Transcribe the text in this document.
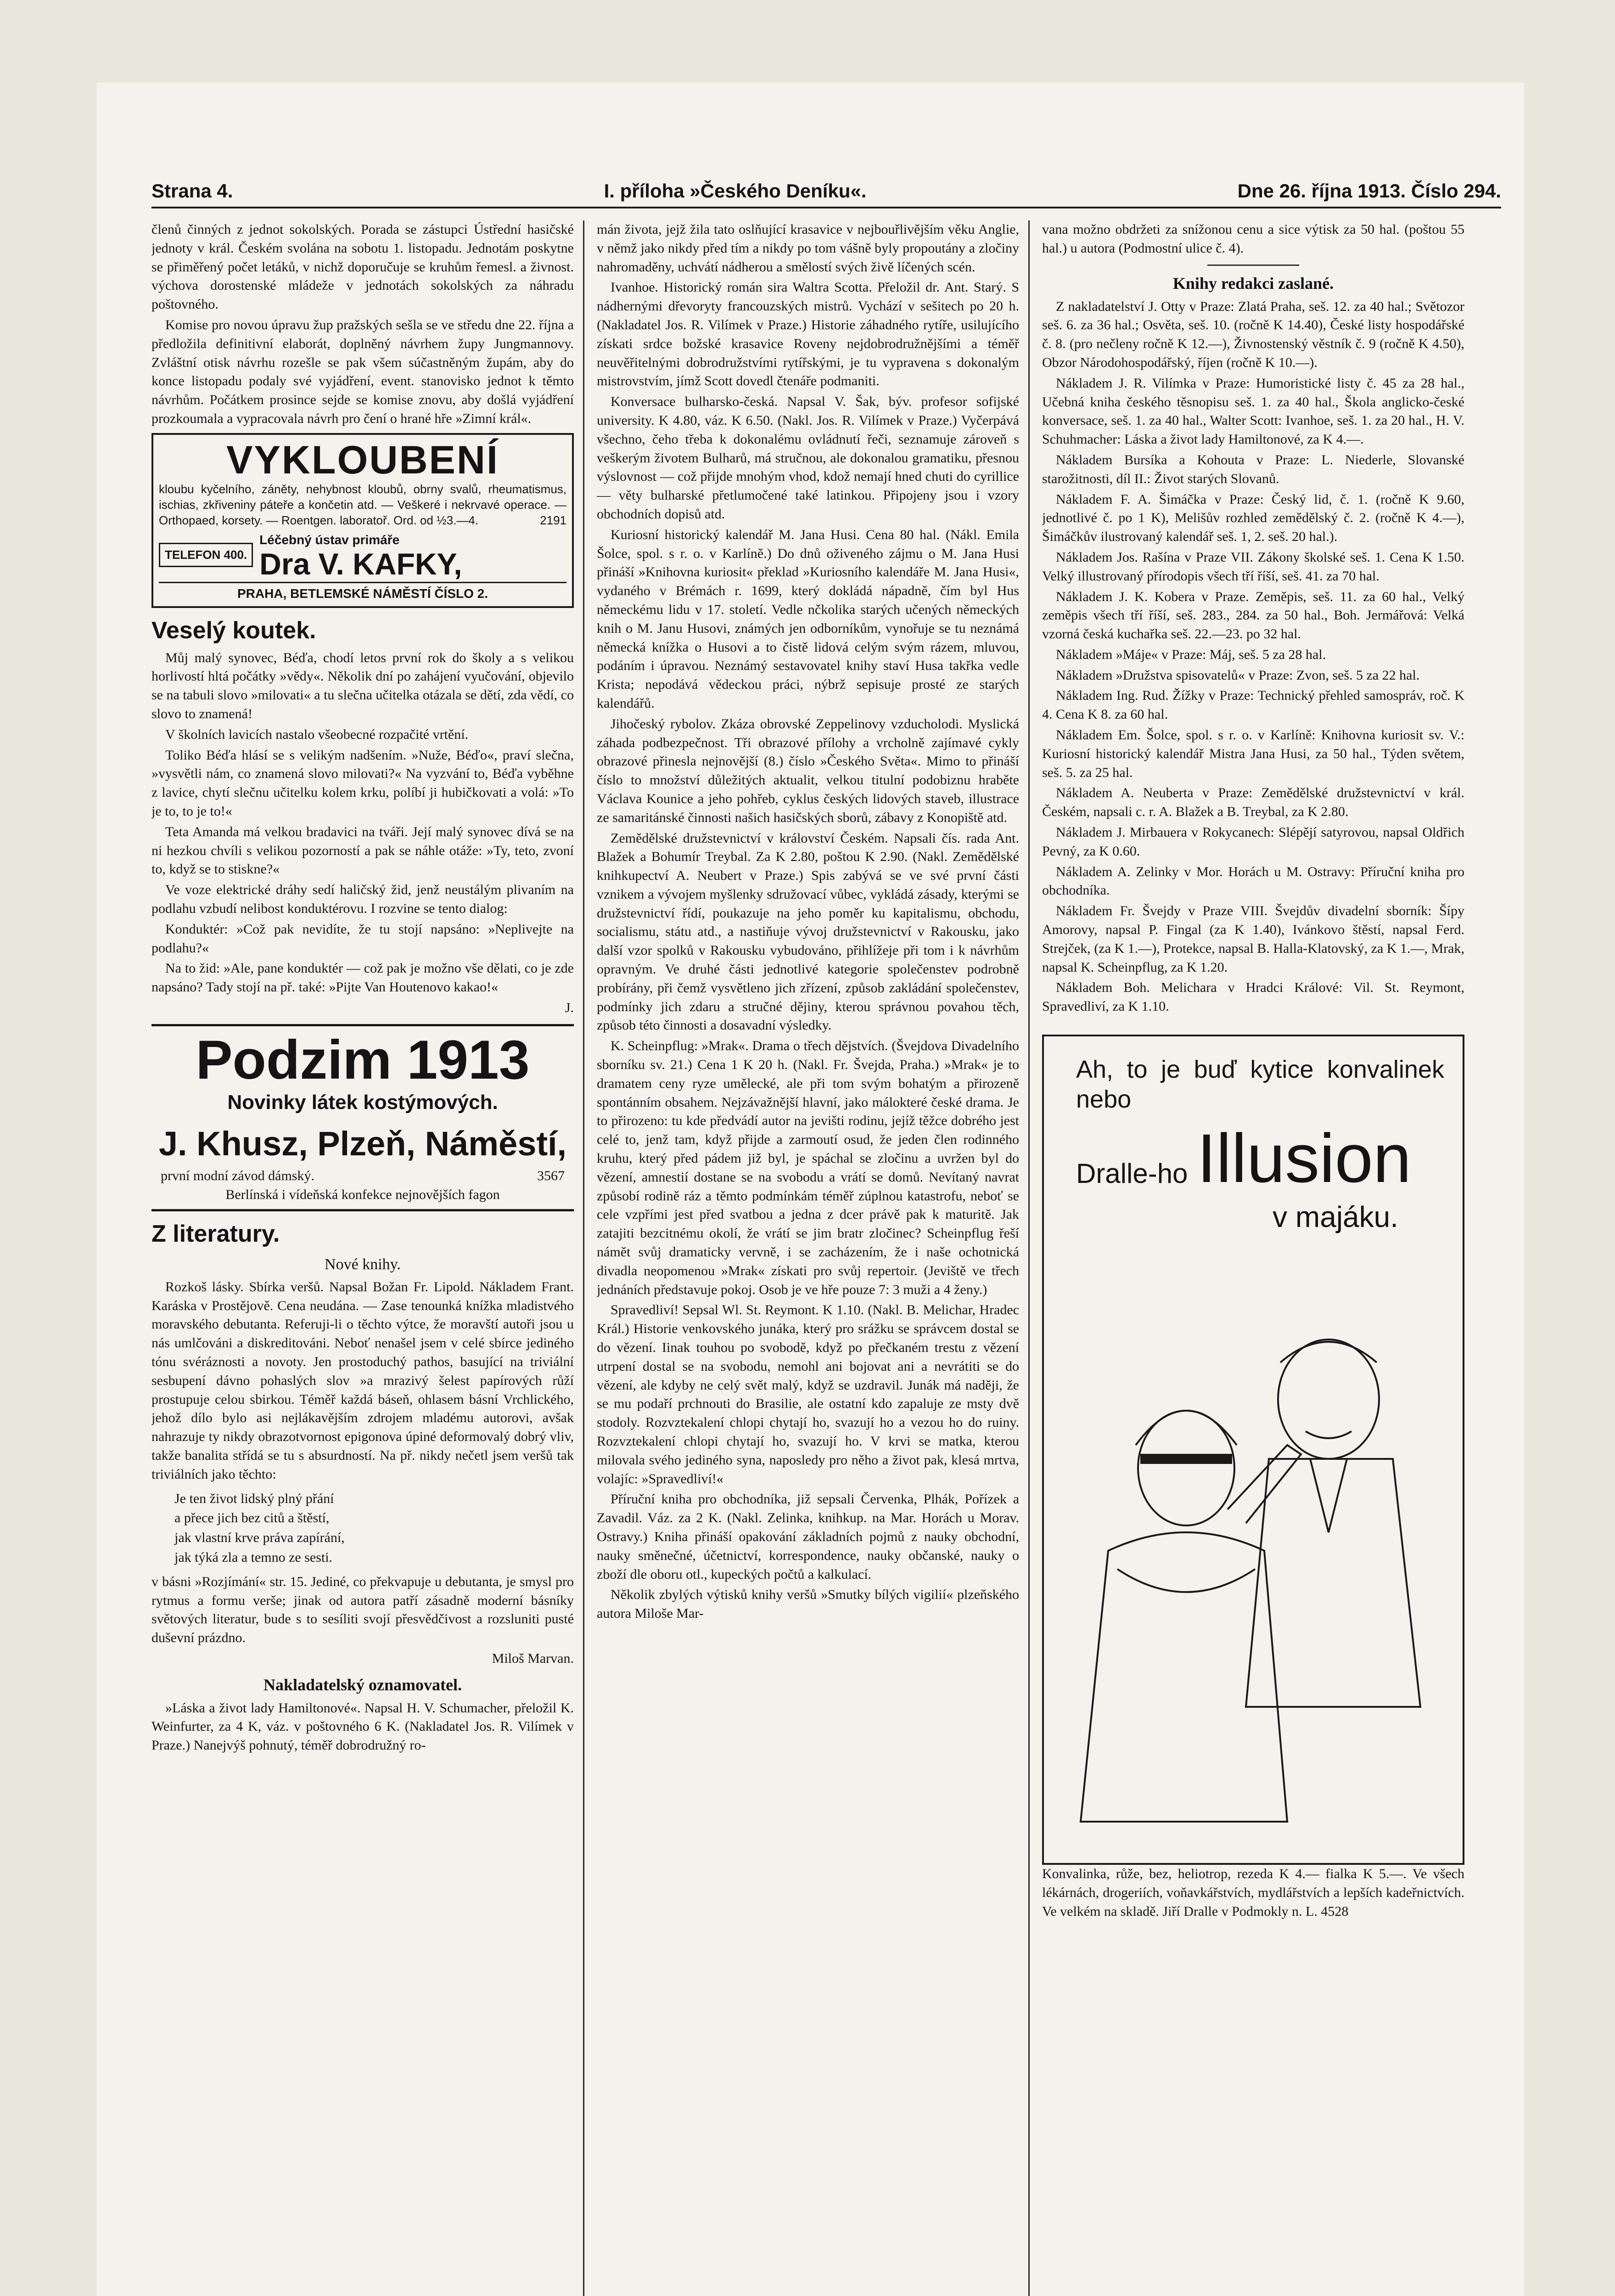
Strana 4.	I. příloha »Českého Deníku«.	Dne 26. října 1913. Číslo 294.

členů činných z jednot sokolských. Porada se zástupci Ústřední hasičské jednoty v král. Českém svolána na sobotu 1. listopadu. Jednotám poskytne se přiměřený počet letáků, v nichž doporučuje se kruhům řemesl. a živnost. výchova dorostenské mládeže v jednotách sokolských za náhradu poštovného.

Komise pro novou úpravu žup pražských sešla se ve středu dne 22. října a předložila definitivní elaborát, doplněný návrhem župy Jungmannovy. Zvláštní otisk návrhu rozešle se pak všem súčastněným župám, aby do konce listopadu podaly své vyjádření, event. stanovisko jednot k těmto návrhům. Počátkem prosince sejde se komise znovu, aby došlá vyjádření prozkoumala a vypracovala návrh pro čení o hrané hře »Zimní král«.

VYKLOUBENÍ
kloubu kyčelního, záněty, nehybnost kloubů, obrny svalů, rheumatismus, ischias, zkřiveniny páteře a končetin atd. — Veškeré i nekrvavé operace. — Orthopaed, korsety. — Roentgen. laboratoř. Ord. od ½3.—4.	2191
TELEFON 400.
Léčebný ústav primáře
Dra V. KAFKY,
PRAHA, BETLEMSKÉ NÁMĚSTÍ ČÍSLO 2.
Veselý koutek.

Můj malý synovec, Béďa, chodí letos první rok do školy a s velikou horlivostí hltá počátky »vědy«. Několik dní po zahájení vyučování, objevilo se na tabuli slovo »milovati« a tu slečna učitelka otázala se dětí, zda vědí, co slovo to znamená!

V školních lavicích nastalo všeobecné rozpačité vrtění.

Toliko Béďa hlásí se s velikým nadšením. »Nuže, Béďo«, praví slečna, »vysvětli nám, co znamená slovo milovati?« Na vyzvání to, Béďa vyběhne z lavice, chytí slečnu učitelku kolem krku, políbí ji hubičkovati a volá: »To je to, to je to!«

Teta Amanda má velkou bradavici na tváři. Její malý synovec dívá se na ni hezkou chvíli s velikou pozorností a pak se náhle otáže: »Ty, teto, zvoní to, když se to stiskne?«

Ve voze elektrické dráhy sedí haličský žid, jenž neustálým plivaním na podlahu vzbudí nelibost konduktérovu. I rozvine se tento dialog:

Konduktér: »Což pak nevidíte, že tu stojí napsáno: »Neplivejte na podlahu?«

Na to žid: »Ale, pane konduktér — což pak je možno vše dělati, co je zde napsáno? Tady stojí na př. také: »Pijte Van Houtenovo kakao!«

J.

Podzim 1913
Novinky látek kostýmových.
J. Khusz, Plzeň, Náměstí,
první modní závod dámský.	3567
Berlínská i vídeňská konfekce nejnovějších fagon
Z literatury.
Nové knihy.

Rozkoš lásky. Sbírka veršů. Napsal Božan Fr. Lipold. Nákladem Frant. Karáska v Prostějově. Cena neudána. — Zase tenounká knížka mladistvého moravského debutanta. Referuji-li o těchto výtce, že moravští autoři jsou u nás umlčováni a diskreditováni. Neboť nenašel jsem v celé sbírce jediného tónu svéráznosti a novoty. Jen prostoduchý pathos, basující na triviální sesbupení dávno pohaslých slov »a mrazivý šelest papírových růží prostupuje celou sbirkou. Téměř každá báseň, ohlasem básní Vrchlického, jehož dílo bylo asi nejlákavějším zdrojem mladému autorovi, avšak nahrazuje ty nikdy obrazotvornost epigonova úpiné deformovalý dobrý vliv, takže banalita střídá se tu s absurdností. Na př. nikdy nečetl jsem veršů tak triviálních jako těchto:

Je ten život lidský plný přání

a přece jich bez citů a štěstí,

jak vlastní krve práva zapírání,

jak týká zla a temno ze sesti.

v básni »Rozjímání« str. 15. Jediné, co překvapuje u debutanta, je smysl pro rytmus a formu verše; jinak od autora patří zásadně moderní básníky světových literatur, bude s to sesíliti svojí přesvědčivost a rozsluniti pusté duševní prázdno.

Miloš Marvan.

Nakladatelský oznamovatel.

»Láska a život lady Hamiltonové«. Napsal H. V. Schumacher, přeložil K. Weinfurter, za 4 K, váz. v poštovného 6 K. (Nakladatel Jos. R. Vilímek v Praze.) Nanejvýš pohnutý, téměř dobrodružný ro-

mán života, jejž žila tato oslňující krasavice v nejbouřlivějším věku Anglie, v němž jako nikdy před tím a nikdy po tom vášně byly propoutány a zločiny nahromaděny, uchvátí nádherou a smělostí svých živě líčených scén.

Ivanhoe. Historický román sira Waltra Scotta. Přeložil dr. Ant. Starý. S nádhernými dřevoryty francouzských mistrů. Vychází v sešitech po 20 h. (Nakladatel Jos. R. Vilímek v Praze.) Historie záhadného rytíře, usilujícího získati srdce božské krasavice Roveny nejdobrodružnějšími a téměř neuvěřitelnými dobrodružstvími rytířskými, je tu vypravena s dokonalým mistrovstvím, jímž Scott dovedl čtenáře podmaniti.

Konversace bulharsko-česká. Napsal V. Šak, býv. profesor sofijské university. K 4.80, váz. K 6.50. (Nakl. Jos. R. Vilímek v Praze.) Vyčerpává všechno, čeho třeba k dokonalému ovládnutí řeči, seznamuje zároveň s veškerým životem Bulharů, má stručnou, ale dokonalou gramatiku, přesnou výslovnost — což přijde mnohým vhod, kdož nemají hned chuti do cyrillice — věty bulharské přetlumočené také latinkou. Připojeny jsou i vzory obchodních dopisů atd.

Kuriosní historický kalendář M. Jana Husi. Cena 80 hal. (Nákl. Emila Šolce, spol. s r. o. v Karlíně.) Do dnů oživeného zájmu o M. Jana Husi přináší »Knihovna kuriosit« překlad »Kuriosního kalendáře M. Jana Husi«, vydaného v Brémách r. 1699, který dokládá nápadně, čím byl Hus německému lidu v 17. století. Vedle nčkolika starých učených německých knih o M. Janu Husovi, známých jen odborníkům, vynořuje se tu neznámá německá knížka o Husovi a to čistě lidová celým svým rázem, mluvou, podáním i úpravou. Neznámý sestavovatel knihy staví Husa takřka vedle Krista; nepodává vědeckou práci, nýbrž sepisuje prosté ze starých kalendářů.

Jihočeský rybolov. Zkáza obrovské Zeppelinovy vzducholodi. Myslická záhada podbezpečnost. Tři obrazové přílohy a vrcholně zajímavé cykly obrazové přinesla nejnovější (8.) číslo »Českého Světa«. Mimo to přináší číslo to množství důležitých aktualit, velkou titulní podobiznu hraběte Václava Kounice a jeho pohřeb, cyklus českých lidových staveb, illustrace ze samaritánské činnosti našich hasičských sborů, zábavy z Konopiště atd.

Zemědělské družstevnictví v království Českém. Napsali čís. rada Ant. Blažek a Bohumír Treybal. Za K 2.80, poštou K 2.90. (Nakl. Zemědělské knihkupectví A. Neubert v Praze.) Spis zabývá se ve své první části vznikem a vývojem myšlenky sdružovací vůbec, vykládá zásady, kterými se družstevnictví řídí, poukazuje na jeho poměr ku kapitalismu, obchodu, socialismu, státu atd., a nastiňuje vývoj družstevnictví v Rakousku, jako další vzor spolků v Rakousku vybudováno, přihlížeje při tom i k návrhům opravným. Ve druhé části jednotlivé kategorie společenstev podrobně probírány, při čemž vysvětleno jich zřízení, způsob zakládání společenstev, podmínky jich zdaru a stručné dějiny, kterou správnou povahou těch, způsob této činnosti a dosavadní výsledky.

K. Scheinpflug: »Mrak«. Drama o třech dějstvích. (Švejdova Divadelního sborníku sv. 21.) Cena 1 K 20 h. (Nakl. Fr. Švejda, Praha.) »Mrak« je to dramatem ceny ryze umělecké, ale při tom svým bohatým a přirozeně spontánním obsahem. Nejzávažnější hlavní, jako málokteré české drama. Je to přirozeno: tu kde předvádí autor na jevišti rodinu, jejíž těžce dobrého jest celé to, jenž tam, když přijde a zarmoutí osud, že jeden člen rodinného kruhu, který před pádem již byl, je spáchal se zločinu a uvržen byl do vězení, amnestií dostane se na svobodu a vrátí se domů. Nevítaný navrat způsobí rodině ráz a těmto podmínkám téměř zúplnou katastrofu, neboť se cele vzpřími jest před svatbou a jedna z dcer právě pak k maturitě. Jak zatajiti bezcitnému okolí, že vrátí se jim bratr zločinec? Scheinpflug řeší námět svůj dramaticky vervně, i se zacházením, že i naše ochotnická divadla neopomenou »Mrak« získati pro svůj repertoir. (Jeviště ve třech jednáních představuje pokoj. Osob je ve hře pouze 7: 3 muži a 4 ženy.)

Spravedliví! Sepsal Wl. St. Reymont. K 1.10. (Nakl. B. Melichar, Hradec Král.) Historie venkovského junáka, který pro srážku se správcem dostal se do vězení. Iinak touhou po svobodě, když po přečkaném trestu z vězení utrpení dostal se na svobodu, nemohl ani bojovat ani a nevrátiti se do vězení, ale kdyby ne celý svět malý, když se uzdravil. Junák má naději, že se mu podaří prchnouti do Brasilie, ale ostatní kdo zapaluje ze msty dvě stodoly. Rozvztekalení chlopi chytají ho, svazují ho a vezou ho do ruiny. Rozvztekalení chlopi chytají ho, svazují ho. V krvi se matka, kterou milovala svého jediného syna, naposledy pro něho a život pak, klesá mrtva, volajíc: »Spravedliví!«

Příruční kniha pro obchodníka, již sepsali Červenka, Plhák, Pořízek a Zavadil. Váz. za 2 K. (Nakl. Zelinka, knihkup. na Mar. Horách u Morav. Ostravy.) Kniha přináší opakování základních pojmů z nauky obchodní, nauky směnečné, účetnictví, korrespondence, nauky občanské, nauky o zboží dle oboru otl., kupeckých počtů a kalkulací.

Několik zbylých výtisků knihy veršů »Smutky bílých vigilií« plzeňského autora Miloše Mar-

vana možno obdržeti za snížonou cenu a sice výtisk za 50 hal. (poštou 55 hal.) u autora (Podmostní ulice č. 4).

Knihy redakci zaslané.

Z nakladatelství J. Otty v Praze: Zlatá Praha, seš. 12. za 40 hal.; Světozor seš. 6. za 36 hal.; Osvěta, seš. 10. (ročně K 14.40), České listy hospodářské č. 8. (pro nečleny ročně K 12.—), Živnostenský věstník č. 9 (ročně K 4.50), Obzor Národohospodářský, říjen (ročně K 10.—).

Nákladem J. R. Vilímka v Praze: Humoristické listy č. 45 za 28 hal., Učebná kniha českého těsnopisu seš. 1. za 40 hal., Škola anglicko-české konversace, seš. 1. za 40 hal., Walter Scott: Ivanhoe, seš. 1. za 20 hal., H. V. Schuhmacher: Láska a život lady Hamiltonové, za K 4.—.

Nákladem Bursíka a Kohouta v Praze: L. Niederle, Slovanské starožitnosti, díl II.: Život starých Slovanů.

Nákladem F. A. Šimáčka v Praze: Český lid, č. 1. (ročně K 9.60, jednotlivé č. po 1 K), Melišův rozhled zemědělský č. 2. (ročně K 4.—), Šimáčkův ilustrovaný kalendář seš. 1, 2. seš. 20 hal.).

Nákladem Jos. Rašína v Praze VII. Zákony školské seš. 1. Cena K 1.50. Velký illustrovaný přírodopis všech tří říší, seš. 41. za 70 hal.

Nákladem J. K. Kobera v Praze. Zeměpis, seš. 11. za 60 hal., Velký zeměpis všech tří říší, seš. 283., 284. za 50 hal., Boh. Jermářová: Velká vzorná česká kuchařka seš. 22.—23. po 32 hal.

Nákladem »Máje« v Praze: Máj, seš. 5 za 28 hal.

Nákladem »Družstva spisovatelů« v Praze: Zvon, seš. 5 za 22 hal.

Nákladem Ing. Rud. Žížky v Praze: Technický přehled samospráv, roč. K 4. Cena K 8. za 60 hal.

Nákladem Em. Šolce, spol. s r. o. v Karlíně: Knihovna kuriosit sv. V.: Kuriosní historický kalendář Mistra Jana Husi, za 50 hal., Týden světem, seš. 5. za 25 hal.

Nákladem A. Neuberta v Praze: Zemědělské družstevnictví v král. Českém, napsali c. r. A. Blažek a B. Treybal, za K 2.80.

Nákladem J. Mirbauera v Rokycanech: Slépějí satyrovou, napsal Oldřich Pevný, za K 0.60.

Nákladem A. Zelinky v Mor. Horách u M. Ostravy: Příruční kniha pro obchodníka.

Nákladem Fr. Švejdy v Praze VIII. Švejdův divadelní sborník: Šípy Amorovy, napsal P. Fingal (za K 1.40), Ivánkovo štěstí, napsal Ferd. Strejček, (za K 1.—), Protekce, napsal B. Halla-Klatovský, za K 1.—, Mrak, napsal K. Scheinpflug, za K 1.20.

Nákladem Boh. Melichara v Hradci Králové: Vil. St. Reymont, Spravedliví, za K 1.10.

Ah, to je buď kytice konvalinek nebo
Dralle-ho Illusion
v majáku.

Konvalinka, růže, bez, heliotrop, rezeda K 4.— fialka K 5.—. Ve všech lékárnách, drogeriích, voňavkářstvích, mydlářstvích a lepších kadeřnictvích. Ve velkém na skladě. Jiří Dralle v Podmokly n. L. 4528
